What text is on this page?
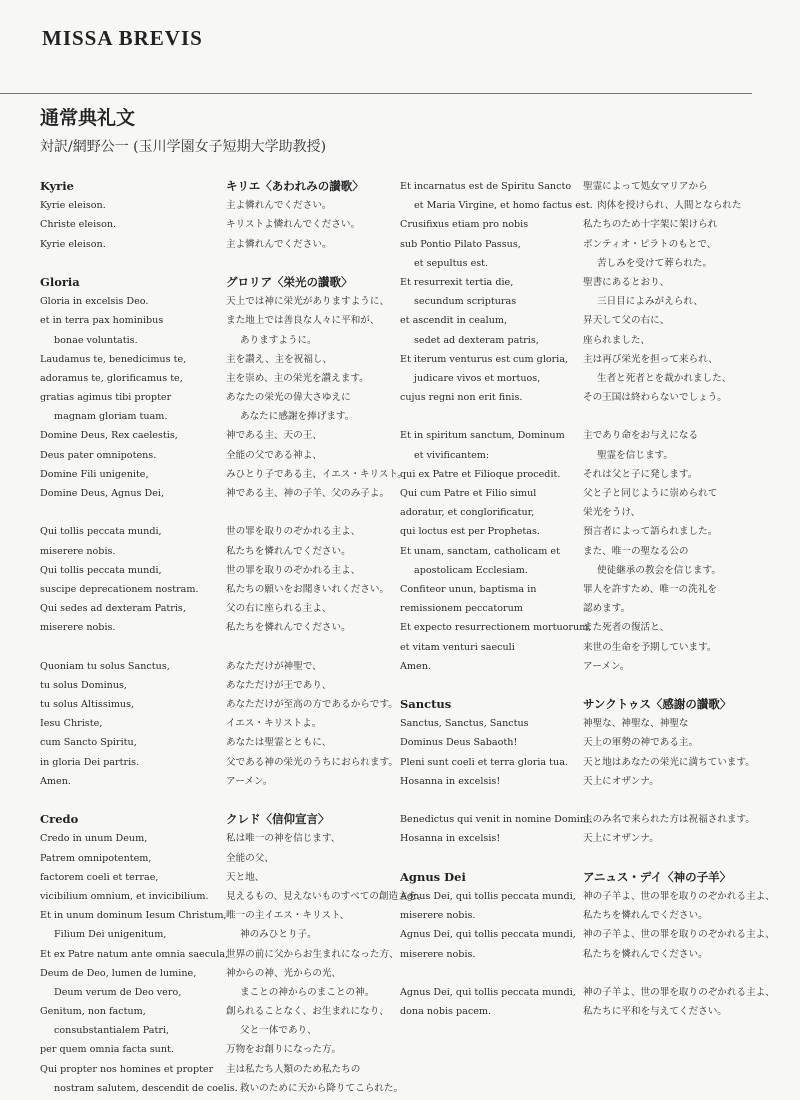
MISSA BREVIS
通常典礼文
対訳/網野公一 (玉川学園女子短期大学助教授)
Kyrie
Kyrie eleison.
Christe eleison.
Kyrie eleison.
Gloria
Gloria in excelsis Deo.
et in terra pax hominibus
bonae voluntatis.
Laudamus te, benedicimus te,
adoramus te, glorificamus te,
gratias agimus tibi propter
magnam gloriam tuam.
Domine Deus, Rex caelestis,
Deus pater omnipotens.
Domine Fili unigenite,
Domine Deus, Agnus Dei,
Qui tollis peccata mundi,
miserere nobis.
Qui tollis peccata mundi,
suscipe deprecationem nostram.
Qui sedes ad dexteram Patris,
miserere nobis.
Quoniam tu solus Sanctus,
tu solus Dominus,
tu solus Altissimus,
Iesu Christe,
cum Sancto Spiritu,
in gloria Dei partris.
Amen.
Credo
Credo in unum Deum,
Patrem omnipotentem,
factorem coeli et terrae,
vicibilium omnium, et invicibilium.
Et in unum dominum Iesum Christum,
Filium Dei unigenitum,
Et ex Patre natum ante omnia saecula,
Deum de Deo, lumen de lumine,
Deum verum de Deo vero,
Genitum, non factum,
consubstantialem Patri,
per quem omnia facta sunt.
Qui propter nos homines et propter
nostram salutem, descendit de coelis.
キリエ〈あわれみの讃歌〉
主よ憐れんでください。
キリストよ憐れんでください。
主よ憐れんでください。
グロリア〈栄光の讃歌〉
天上では神に栄光がありますように、
また地上では善良な人々に平和が、
ありますように。
主を讃え、主を祝福し、
主を崇め、主の栄光を讃えます。
あなたの栄光の偉大さゆえに
あなたに感謝を捧げます。
神である主、天の王、
全能の父である神よ、
みひとり子である主、イエス・キリスト。
神である主、神の子羊、父のみ子よ。
世の罪を取りのぞかれる主よ、
私たちを憐れんでください。
世の罪を取りのぞかれる主よ、
私たちの願いをお聞きいれください。
父の右に座られる主よ、
私たちを憐れんでください。
あなただけが神聖で、
あなただけが王であり、
あなただけが至高の方であるからです。
イエス・キリストよ。
あなたは聖霊とともに、
父である神の栄光のうちにおられます。
アーメン。
クレド〈信仰宣言〉
私は唯一の神を信じます、
全能の父、
天と地、
見えるもの、見えないものすべての創造主を。
唯一の主イエス・キリスト、
神のみひとり子。
世界の前に父からお生まれになった方、
神からの神、光からの光、
まことの神からのまことの神。
創られることなく、お生まれになり、
父と一体であり、
万物をお創りになった方。
主は私たち人類のため私たちの
救いのために天から降りてこられた。
Et incarnatus est de Spiritu Sancto
et Maria Virgine, et homo factus est.
Crusifixus etiam pro nobis
sub Pontio Pilato Passus,
et sepultus est.
Et resurrexit tertia die,
secundum scripturas
et ascendit in cealum,
sedet ad dexteram patris,
Et iterum venturus est cum gloria,
judicare vivos et mortuos,
cujus regni non erit finis.
Et in spiritum sanctum, Dominum
et vivificantem:
qui ex Patre et Filioque procedit.
Qui cum Patre et Filio simul
adoratur, et conglorificatur,
qui loctus est per Prophetas.
Et unam, sanctam, catholicam et
apostolicam Ecclesiam.
Confiteor unun, baptisma in
remissionem peccatorum
Et expecto resurrectionem mortuorum,
et vitam venturi saeculi
Amen.
Sanctus
Sanctus, Sanctus, Sanctus
Dominus Deus Sabaoth!
Pleni sunt coeli et terra gloria tua.
Hosanna in excelsis!
Benedictus qui venit in nomine Domini.
Hosanna in excelsis!
Agnus Dei
Agnus Dei, qui tollis peccata mundi,
miserere nobis.
Agnus Dei, qui tollis peccata mundi,
miserere nobis.
Agnus Dei, qui tollis peccata mundi,
dona nobis pacem.
聖霊によって処女マリアから
肉体を授けられ、人間となられた
私たちのため十字架に架けられ
ポンティオ・ピラトのもとで、
苦しみを受けて葬られた。
聖書にあるとおり、
三日目によみがえられ、
昇天して父の右に、
座られました、
主は再び栄光を担って来られ、
生者と死者とを裁かれました、
その王国は終わらないでしょう。
主であり命をお与えになる
聖霊を信じます。
それは父と子に発します。
父と子と同じように崇められて
栄光をうけ、
預言者によって語られました。
また、唯一の聖なる公の
使徒継承の教会を信じます。
罪人を許すため、唯一の洗礼を
認めます。
また死者の復活と、
来世の生命を予期しています。
アーメン。
サンクトゥス〈感謝の讃歌〉
神聖な、神聖な、神聖な
天上の軍勢の神である主。
天と地はあなたの栄光に満ちています。
天上にオザンナ。
主のみ名で来られた方は祝福されます。
天上にオザンナ。
アニュス・デイ〈神の子羊〉
神の子羊よ、世の罪を取りのぞかれる主よ、
私たちを憐れんでください。
神の子羊よ、世の罪を取りのぞかれる主よ、
私たちを憐れんでください。
神の子羊よ、世の罪を取りのぞかれる主よ、
私たちに平和を与えてください。
